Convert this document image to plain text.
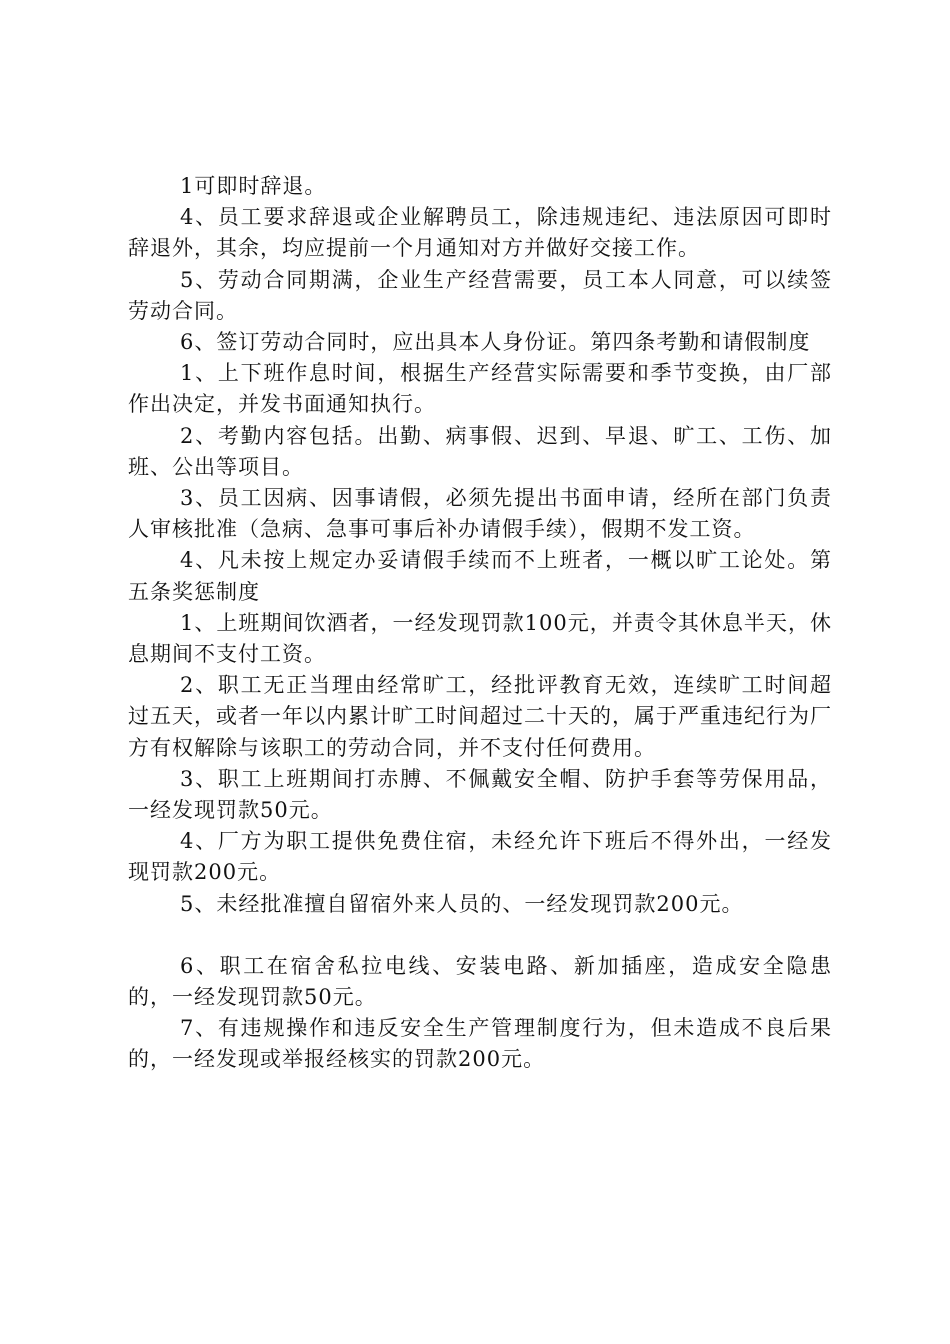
1可即时辞退。

4、员工要求辞退或企业解聘员工，除违规违纪、违法原因可即时辞退外，其余，均应提前一个月通知对方并做好交接工作。

5、劳动合同期满，企业生产经营需要，员工本人同意，可以续签劳动合同。

6、签订劳动合同时，应出具本人身份证。第四条考勤和请假制度

1、上下班作息时间，根据生产经营实际需要和季节变换，由厂部作出决定，并发书面通知执行。

2、考勤内容包括。出勤、病事假、迟到、早退、旷工、工伤、加班、公出等项目。

3、员工因病、因事请假，必须先提出书面申请，经所在部门负责人审核批准（急病、急事可事后补办请假手续），假期不发工资。

4、凡未按上规定办妥请假手续而不上班者，一概以旷工论处。第五条奖惩制度

1、上班期间饮酒者，一经发现罚款100元，并责令其休息半天，休息期间不支付工资。

2、职工无正当理由经常旷工，经批评教育无效，连续旷工时间超过五天，或者一年以内累计旷工时间超过二十天的，属于严重违纪行为厂方有权解除与该职工的劳动合同，并不支付任何费用。

3、职工上班期间打赤膊、不佩戴安全帽、防护手套等劳保用品，一经发现罚款50元。

4、厂方为职工提供免费住宿，未经允许下班后不得外出，一经发现罚款200元。

5、未经批准擅自留宿外来人员的、一经发现罚款200元。

6、职工在宿舍私拉电线、安装电路、新加插座，造成安全隐患的，一经发现罚款50元。

7、有违规操作和违反安全生产管理制度行为，但未造成不良后果的，一经发现或举报经核实的罚款200元。
